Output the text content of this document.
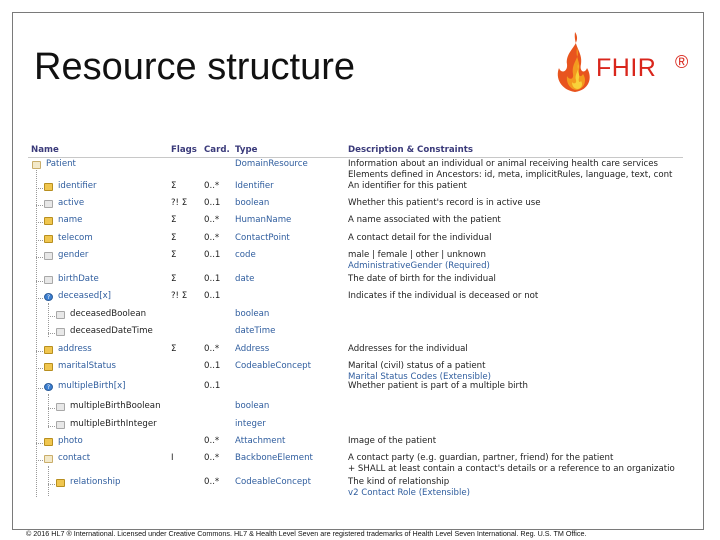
Resource structure	FHIR ®
Name	Flags Card. Type	Description & Constraints
Patient	DomainResource	Information about an individual or animal receiving health care services
Elements defined in Ancestors: id, meta, implicitRules, language, text, cont
identifier	Σ	0..* Identifier	An identifier for this patient
active	?! Σ 0..1 boolean	Whether this patient's record is in active use
name	Σ	0..* HumanName	A name associated with the patient
telecom	Σ	0..* ContactPoint	A contact detail for the individual
gender	Σ	0..1 code	male | female | other | unknown
AdministrativeGender (Required)
birthDate	Σ	0..1 date	The date of birth for the individual
? deceased[x]	?! Σ 0..1	Indicates if the individual is deceased or not
deceasedBoolean	boolean
deceasedDateTime	dateTime
address	Σ	0..* Address	Addresses for the individual
maritalStatus	0..1 CodeableConcept	Marital (civil) status of a patient
Marital Status Codes (Extensible)
? multipleBirth[x]	0..1	Whether patient is part of a multiple birth
multipleBirthBoolean	boolean
multipleBirthInteger	integer
photo	0..* Attachment	Image of the patient
contact	I	0..* BackboneElement	A contact party (e.g. guardian, partner, friend) for the patient
+ SHALL at least contain a contact's details or a reference to an organizatio
relationship	0..* CodeableConcept	The kind of relationship
v2 Contact Role (Extensible)
© 2016 HL7 ® International. Licensed under Creative Commons. HL7 & Health Level Seven are registered trademarks of Health Level Seven International. Reg. U.S. TM Office.
